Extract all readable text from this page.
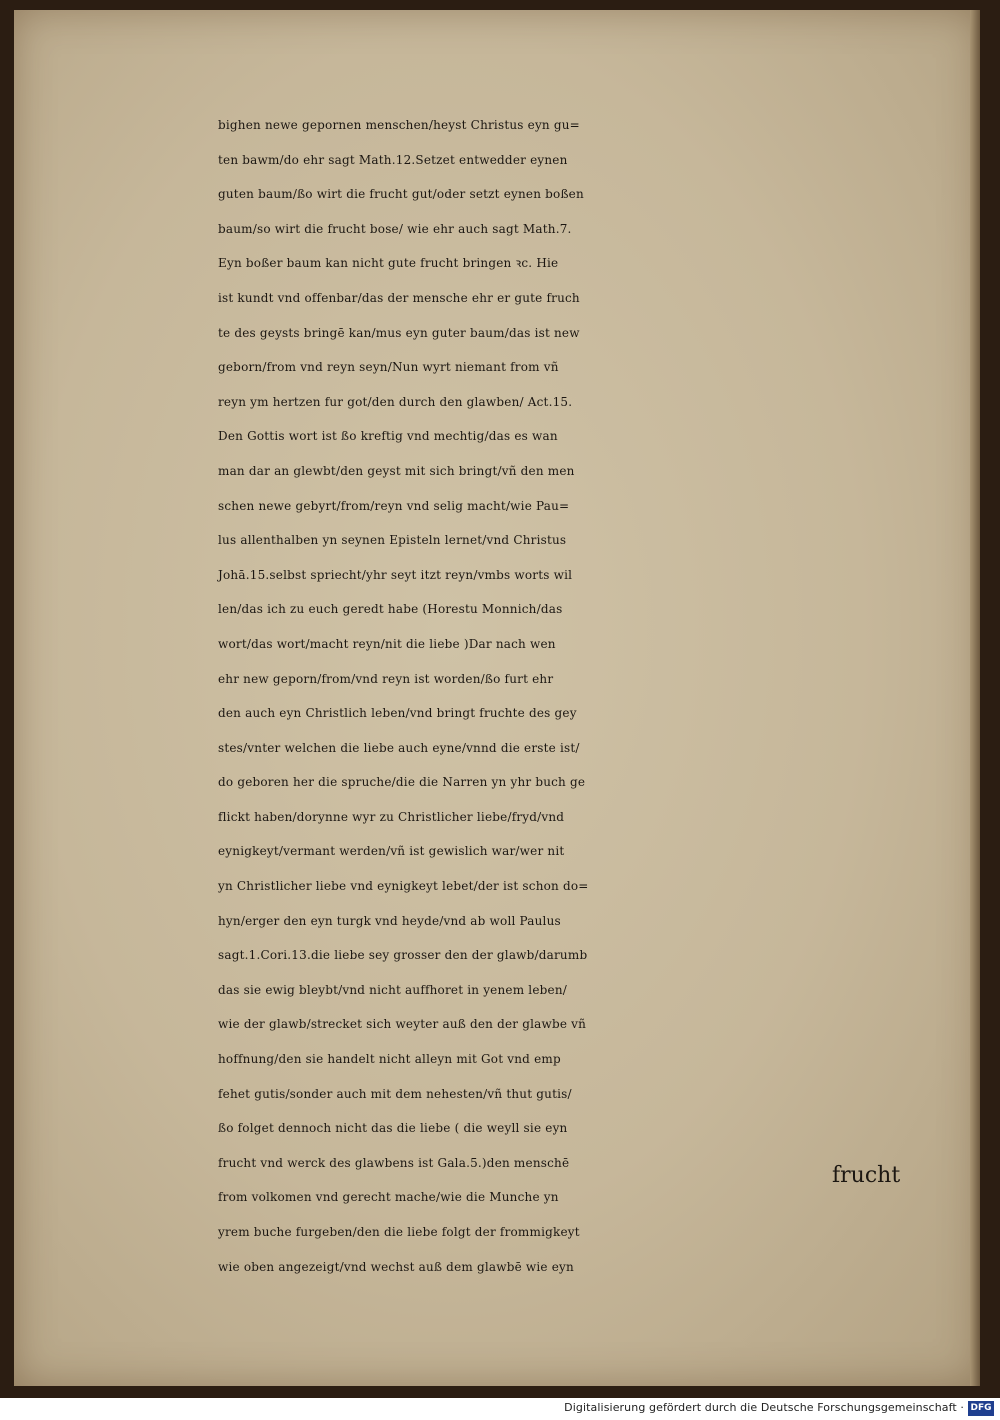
bighen newe gepornen menschen/heyst Christus eyn gu=
ten bawm/do ehr sagt Math.12.Setzet entwedder eynen
guten baum/ßo wirt die frucht gut/oder setzt eynen boßen
baum/so wirt die frucht bose/ wie ehr auch sagt Math.7.
Eyn boßer baum kan nicht gute frucht bringen ꝛc. Hie
ist kundt vnd offenbar/das der mensche ehr er gute fruch
te des geysts bringē kan/mus eyn guter baum/das ist new
geborn/from vnd reyn seyn/Nun wyrt niemant from vñ
reyn ym hertzen fur got/den durch den glawben/ Act.15.
Den Gottis wort ist ßo kreftig vnd mechtig/das es wan
man dar an glewbt/den geyst mit sich bringt/vñ den men
schen newe gebyrt/from/reyn vnd selig macht/wie Pau=
lus allenthalben yn seynen Episteln lernet/vnd Christus
Johā.15.selbst spriecht/yhr seyt itzt reyn/vmbs worts wil
len/das ich zu euch geredt habe (Horestu Monnich/das
wort/das wort/macht reyn/nit die liebe )Dar nach wen
ehr new geporn/from/vnd reyn ist worden/ßo furt ehr
den auch eyn Christlich leben/vnd bringt fruchte des gey
stes/vnter welchen die liebe auch eyne/vnnd die erste ist/
do geboren her die spruche/die die Narren yn yhr buch ge
flickt haben/dorynne wyr zu Christlicher liebe/fryd/vnd
eynigkeyt/vermant werden/vñ ist gewislich war/wer nit
yn Christlicher liebe vnd eynigkeyt lebet/der ist schon do=
hyn/erger den eyn turgk vnd heyde/vnd ab woll Paulus
sagt.1.Cori.13.die liebe sey grosser den der glawb/darumb
das sie ewig bleybt/vnd nicht auffhoret in yenem leben/
wie der glawb/strecket sich weyter auß den der glawbe vñ
hoffnung/den sie handelt nicht alleyn mit Got vnd emp
fehet gutis/sonder auch mit dem nehesten/vñ thut gutis/
ßo folget dennoch nicht das die liebe ( die weyll sie eyn
frucht vnd werck des glawbens ist Gala.5.)den menschē
from volkomen vnd gerecht mache/wie die Munche yn
yrem buche furgeben/den die liebe folgt der frommigkeyt
wie oben angezeigt/vnd wechst auß dem glawbē wie eyn
frucht
Digitalisierung gefördert durch die Deutsche Forschungsgemeinschaft · DFG
